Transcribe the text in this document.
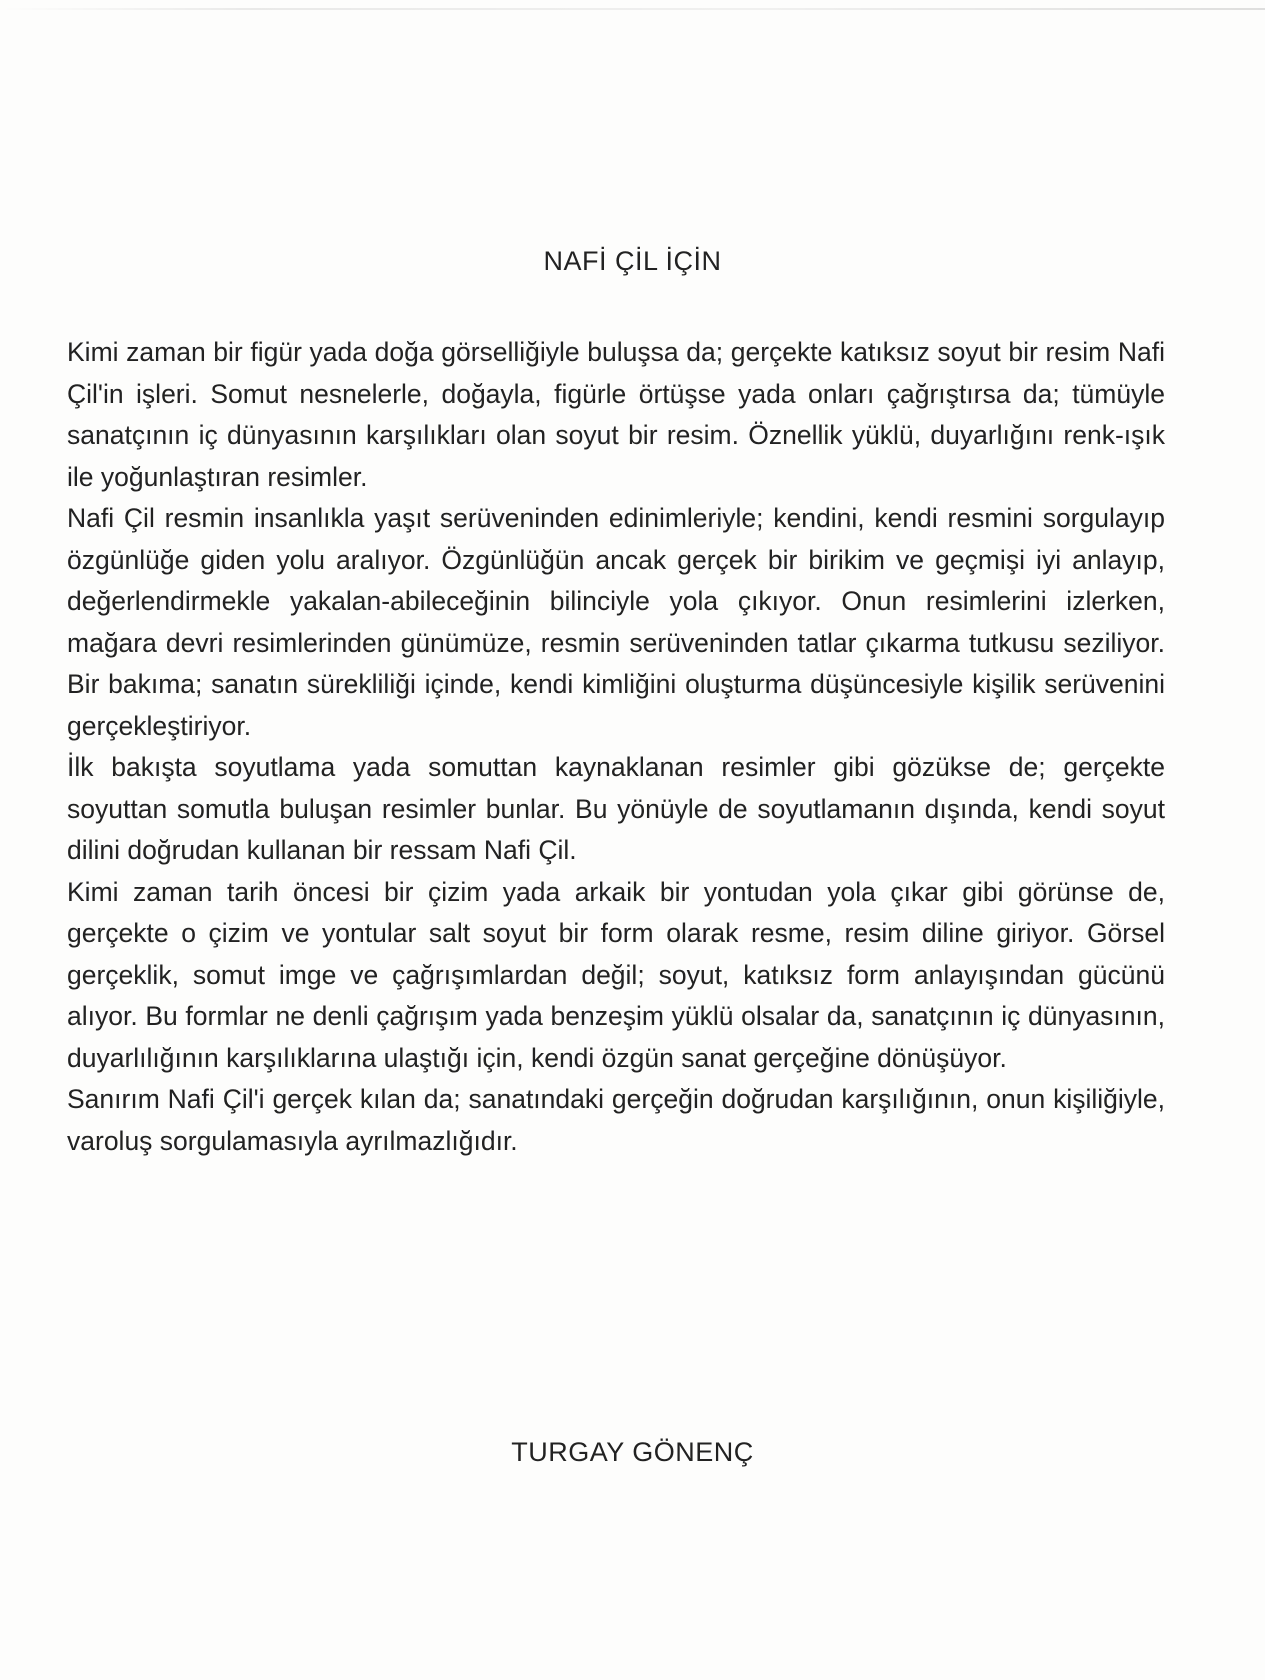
NAFİ ÇİL İÇİN

Kimi zaman bir figür yada doğa görselliğiyle buluşsa da; gerçekte katıksız soyut bir resim Nafi Çil'in işleri. Somut nesnelerle, doğayla, figürle örtüşse yada onları çağrıştırsa da; tümüyle sanatçının iç dünyasının karşılıkları olan soyut bir resim. Öznellik yüklü, duyarlığını renk-ışık ile yoğunlaştıran resimler.

Nafi Çil resmin insanlıkla yaşıt serüveninden edinimleriyle; kendini, kendi resmini sorgulayıp özgünlüğe giden yolu aralıyor. Özgünlüğün ancak gerçek bir birikim ve geçmişi iyi anlayıp, değerlendirmekle yakalan-abileceğinin bilinciyle yola çıkıyor. Onun resimlerini izlerken, mağara devri resimlerinden günümüze, resmin serüveninden tatlar çıkarma tutkusu seziliyor. Bir bakıma; sanatın sürekliliği içinde, kendi kimliğini oluşturma düşüncesiyle kişilik serüvenini gerçekleştiriyor.

İlk bakışta soyutlama yada somuttan kaynaklanan resimler gibi gözükse de; gerçekte soyuttan somutla buluşan resimler bunlar. Bu yönüyle de soyutlamanın dışında, kendi soyut dilini doğrudan kullanan bir ressam Nafi Çil.

Kimi zaman tarih öncesi bir çizim yada arkaik bir yontudan yola çıkar gibi görünse de, gerçekte o çizim ve yontular salt soyut bir form olarak resme, resim diline giriyor. Görsel gerçeklik, somut imge ve çağrışımlardan değil; soyut, katıksız form anlayışından gücünü alıyor. Bu formlar ne denli çağrışım yada benzeşim yüklü olsalar da, sanatçının iç dünyasının, duyarlılığının karşılıklarına ulaştığı için, kendi özgün sanat gerçeğine dönüşüyor.

Sanırım Nafi Çil'i gerçek kılan da; sanatındaki gerçeğin doğrudan karşılığının, onun kişiliğiyle, varoluş sorgulamasıyla ayrılmazlığıdır.

TURGAY GÖNENÇ
